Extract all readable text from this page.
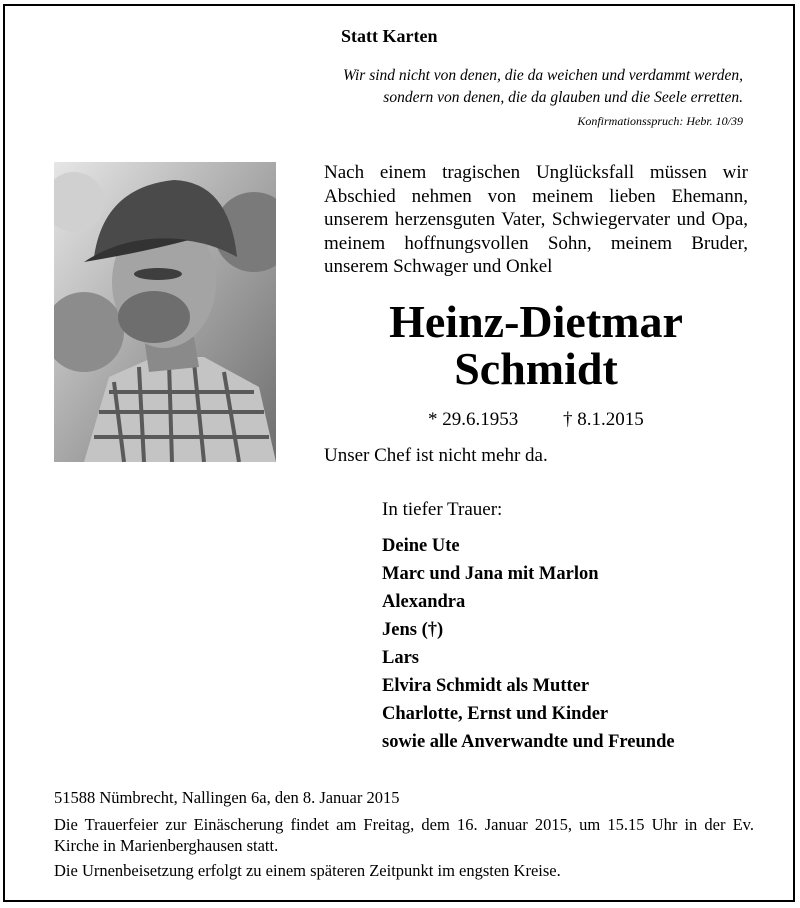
Statt Karten
Wir sind nicht von denen, die da weichen und verdammt werden,
sondern von denen, die da glauben und die Seele erretten.
Konfirmationsspruch: Hebr. 10/39
Nach einem tragischen Unglücksfall müssen wir Abschied nehmen von meinem lieben Ehemann, unserem herzensguten Vater, Schwiegervater und Opa, meinem hoffnungsvollen Sohn, meinem Bruder, unserem Schwager und Onkel
Heinz-Dietmar
Schmidt
* 29.6.1953 † 8.1.2015
Unser Chef ist nicht mehr da.
In tiefer Trauer:
Deine Ute
Marc und Jana mit Marlon
Alexandra
Jens (†)
Lars
Elvira Schmidt als Mutter
Charlotte, Ernst und Kinder
sowie alle Anverwandte und Freunde
51588 Nümbrecht, Nallingen 6a, den 8. Januar 2015
Die Trauerfeier zur Einäscherung findet am Freitag, dem 16. Januar 2015, um 15.15 Uhr in der Ev. Kirche in Marienberghausen statt.
Die Urnenbeisetzung erfolgt zu einem späteren Zeitpunkt im engsten Kreise.
